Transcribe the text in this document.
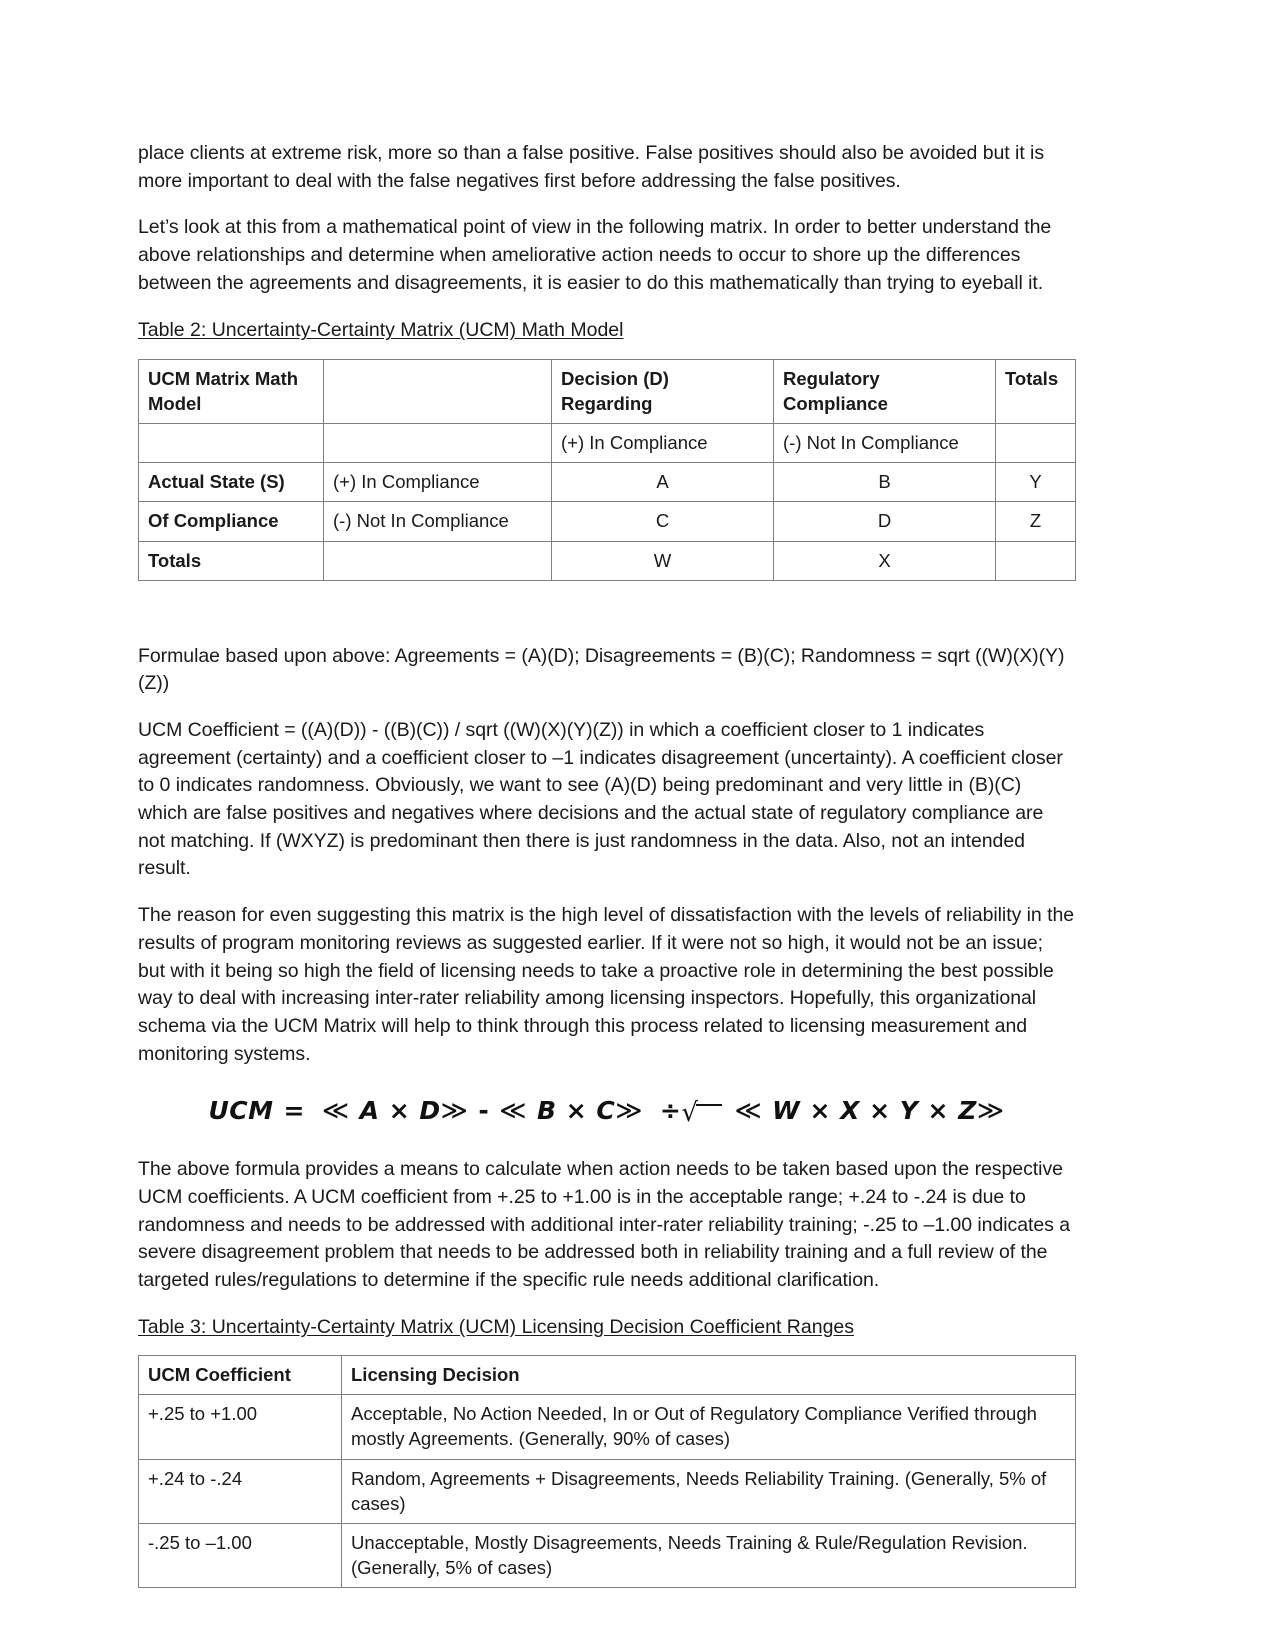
place clients at extreme risk, more so than a false positive. False positives should also be avoided but it is more important to deal with the false negatives first before addressing the false positives.

Let’s look at this from a mathematical point of view in the following matrix. In order to better understand the above relationships and determine when ameliorative action needs to occur to shore up the differences between the agreements and disagreements, it is easier to do this mathematically than trying to eyeball it.

Table 2: Uncertainty-Certainty Matrix (UCM) Math Model

UCM Matrix Math Model		Decision (D) Regarding	Regulatory Compliance	Totals
		(+) In Compliance	(-) Not In Compliance	
Actual State (S)	(+) In Compliance	A	B	Y
Of Compliance	(-) Not In Compliance	C	D	Z
Totals		W	X	

Formulae based upon above: Agreements = (A)(D); Disagreements = (B)(C); Randomness = sqrt ((W)(X)(Y)(Z))

UCM Coefficient = ((A)(D)) - ((B)(C)) / sqrt ((W)(X)(Y)(Z)) in which a coefficient closer to 1 indicates agreement (certainty) and a coefficient closer to –1 indicates disagreement (uncertainty). A coefficient closer to 0 indicates randomness. Obviously, we want to see (A)(D) being predominant and very little in (B)(C) which are false positives and negatives where decisions and the actual state of regulatory compliance are not matching. If (WXYZ) is predominant then there is just randomness in the data. Also, not an intended result.

The reason for even suggesting this matrix is the high level of dissatisfaction with the levels of reliability in the results of program monitoring reviews as suggested earlier. If it were not so high, it would not be an issue; but with it being so high the field of licensing needs to take a proactive role in determining the best possible way to deal with increasing inter-rater reliability among licensing inspectors. Hopefully, this organizational schema via the UCM Matrix will help to think through this process related to licensing measurement and monitoring systems.

UCM = ≪ A × D≫ - ≪ B × C≫ ÷√ ≪ W × X × Y × Z≫

The above formula provides a means to calculate when action needs to be taken based upon the respective UCM coefficients. A UCM coefficient from +.25 to +1.00 is in the acceptable range; +.24 to -.24 is due to randomness and needs to be addressed with additional inter-rater reliability training; -.25 to –1.00 indicates a severe disagreement problem that needs to be addressed both in reliability training and a full review of the targeted rules/regulations to determine if the specific rule needs additional clarification.

Table 3: Uncertainty-Certainty Matrix (UCM) Licensing Decision Coefficient Ranges

UCM Coefficient	Licensing Decision
+.25 to +1.00	Acceptable, No Action Needed, In or Out of Regulatory Compliance Verified through mostly Agreements. (Generally, 90% of cases)
+.24 to -.24	Random, Agreements + Disagreements, Needs Reliability Training. (Generally, 5% of cases)
-.25 to –1.00	Unacceptable, Mostly Disagreements, Needs Training & Rule/Regulation Revision. (Generally, 5% of cases)
